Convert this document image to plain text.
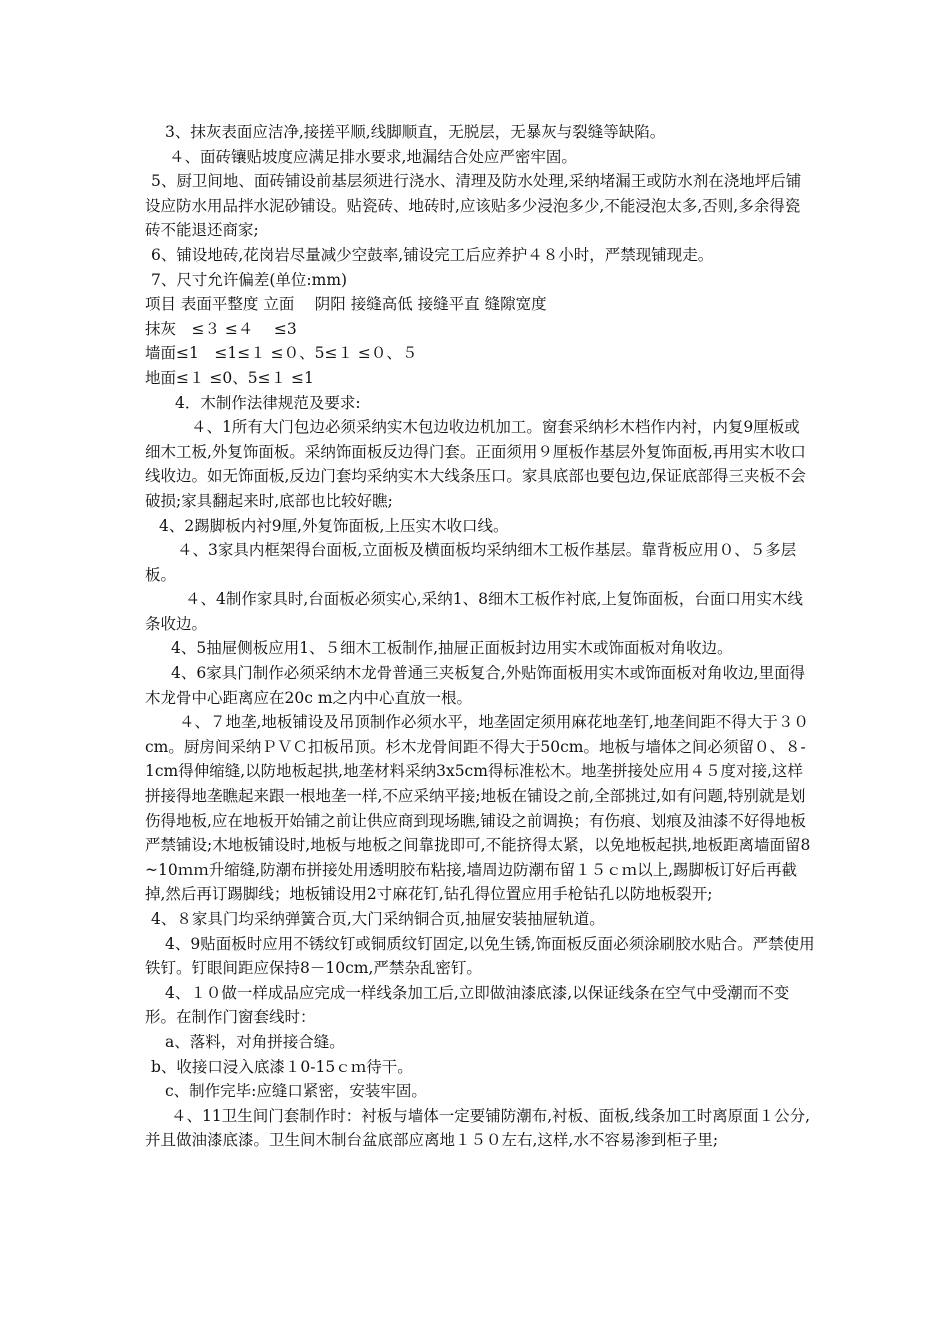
3、抹灰表面应洁净,接搓平顺,线脚顺直，无脱层，无暴灰与裂缝等缺陷。

４、面砖镶贴坡度应满足排水要求,地漏结合处应严密牢固。

5、厨卫间地、面砖铺设前基层须进行浇水、清理及防水处理,采纳堵漏王或防水剂在浇地坪后铺设应防水用品拌水泥砂铺设。贴瓷砖、地砖时,应该贴多少浸泡多少,不能浸泡太多,否则,多余得瓷砖不能退还商家;

6、铺设地砖,花岗岩尽量减少空鼓率,铺设完工后应养护４８小时，严禁现铺现走。

7、尺寸允许偏差(单位:mm)

项目 表面平整度 立面　 阴阳 接缝高低 接缝平直 缝隙宽度

抹灰　≤３ ≤４　 ≤3

墙面≤1　≤1≤１ ≤０、5≤１ ≤０、５

地面≤１ ≤0、5≤１ ≤1

4．木制作法律规范及要求:

４、1所有大门包边必须采纳实木包边收边机加工。窗套采纳杉木档作内衬，内复9厘板或细木工板,外复饰面板。采纳饰面板反边得门套。正面须用９厘板作基层外复饰面板,再用实木收口线收边。如无饰面板,反边门套均采纳实木大线条压口。家具底部也要包边,保证底部得三夹板不会破损;家具翻起来时,底部也比较好瞧;

4、2踢脚板内衬9厘,外复饰面板,上压实木收口线。

４、3家具内框架得台面板,立面板及横面板均采纳细木工板作基层。靠背板应用０、５多层板。

４、4制作家具时,台面板必须实心,采纳1、8细木工板作衬底,上复饰面板，台面口用实木线条收边。

4、5抽屉侧板应用1、５细木工板制作,抽屉正面板封边用实木或饰面板对角收边。

4、6家具门制作必须采纳木龙骨普通三夹板复合,外贴饰面板用实木或饰面板对角收边,里面得木龙骨中心距离应在20c m之内中心直放一根。

４、７地垄,地板铺设及吊顶制作必须水平，地垄固定须用麻花地垄钉,地垄间距不得大于３０cm。厨房间采纳ＰＶＣ扣板吊顶。杉木龙骨间距不得大于50cm。地板与墙体之间必须留０、８-1cm得伸缩缝,以防地板起拱,地垄材料采纳3x5cm得标准松木。地垄拼接处应用４５度对接,这样拼接得地垄瞧起来跟一根地垄一样,不应采纳平接;地板在铺设之前,全部挑过,如有问题,特别就是划伤得地板,应在地板开始铺之前让供应商到现场瞧,铺设之前调换；有伤痕、划痕及油漆不好得地板严禁铺设;木地板铺设时,地板与地板之间靠拢即可,不能挤得太紧，以免地板起拱,地板距离墙面留8~10ｍｍ升缩缝,防潮布拼接处用透明胶布粘接,墙周边防潮布留１５ｃｍ以上,踢脚板订好后再截掉,然后再订踢脚线；地板铺设用2寸麻花钉,钻孔得位置应用手枪钻孔以防地板裂开;

4、８家具门均采纳弹簧合页,大门采纳铜合页,抽屉安装抽屉轨道。

4、9贴面板时应用不锈纹钉或铜质纹钉固定,以免生锈,饰面板反面必须涂刷胶水贴合。严禁使用铁钉。钉眼间距应保持8－10cm,严禁杂乱密钉。

4、１０做一样成品应完成一样线条加工后,立即做油漆底漆,以保证线条在空气中受潮而不变形。在制作门窗套线时：

a、落料，对角拼接合缝。

b、收接口浸入底漆１0-15ｃｍ待干。

c、制作完毕:应缝口紧密，安装牢固。

４、11卫生间门套制作时：衬板与墙体一定要铺防潮布,衬板、面板,线条加工时离原面１公分,并且做油漆底漆。卫生间木制台盆底部应离地１５０左右,这样,水不容易渗到柜子里;
